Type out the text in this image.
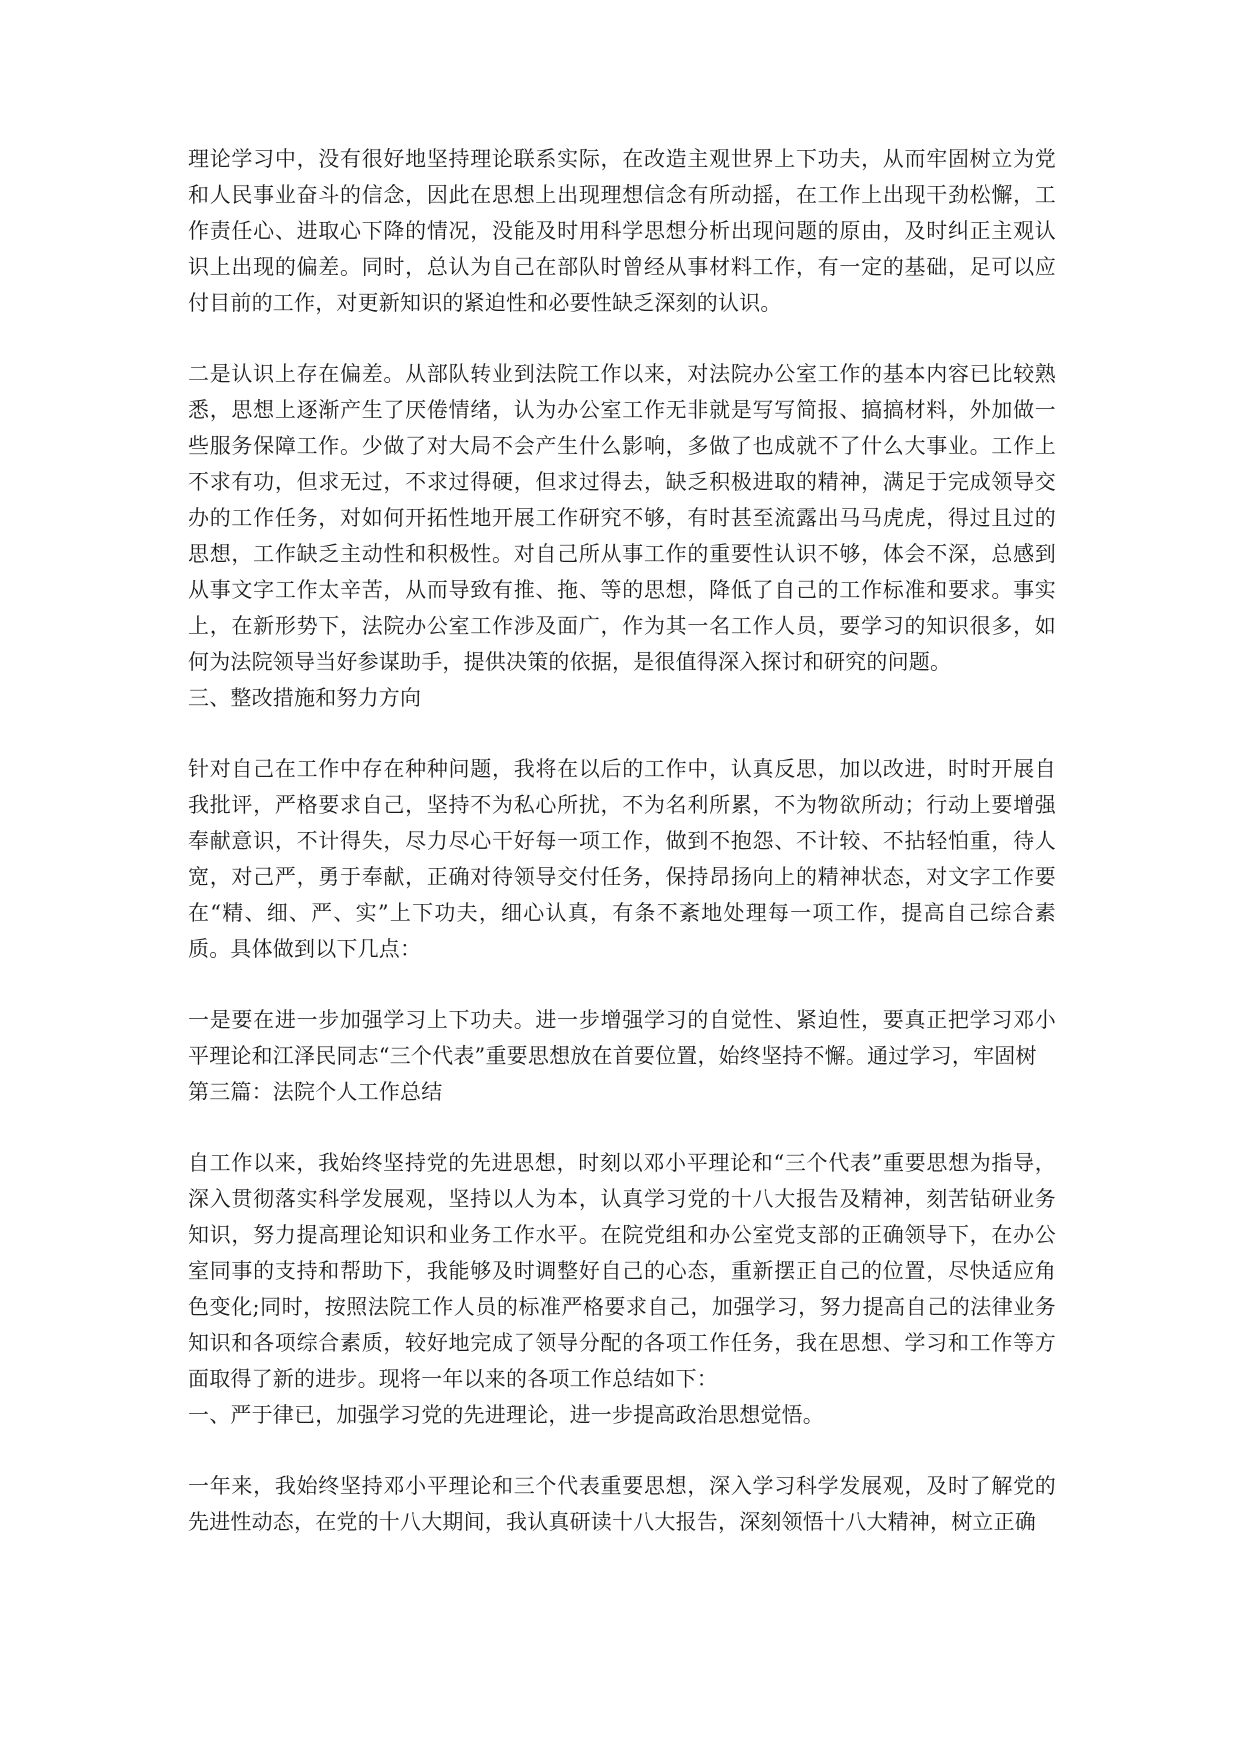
理论学习中，没有很好地坚持理论联系实际，在改造主观世界上下功夫，从而牢固树立为党和人民事业奋斗的信念，因此在思想上出现理想信念有所动摇，在工作上出现干劲松懈，工作责任心、进取心下降的情况，没能及时用科学思想分析出现问题的原由，及时纠正主观认识上出现的偏差。同时，总认为自己在部队时曾经从事材料工作，有一定的基础，足可以应付目前的工作，对更新知识的紧迫性和必要性缺乏深刻的认识。

二是认识上存在偏差。从部队转业到法院工作以来，对法院办公室工作的基本内容已比较熟悉，思想上逐渐产生了厌倦情绪，认为办公室工作无非就是写写简报、搞搞材料，外加做一些服务保障工作。少做了对大局不会产生什么影响，多做了也成就不了什么大事业。工作上不求有功，但求无过，不求过得硬，但求过得去，缺乏积极进取的精神，满足于完成领导交办的工作任务，对如何开拓性地开展工作研究不够，有时甚至流露出马马虎虎，得过且过的思想，工作缺乏主动性和积极性。对自己所从事工作的重要性认识不够，体会不深，总感到从事文字工作太辛苦，从而导致有推、拖、等的思想，降低了自己的工作标准和要求。事实上，在新形势下，法院办公室工作涉及面广，作为其一名工作人员，要学习的知识很多，如何为法院领导当好参谋助手，提供决策的依据，是很值得深入探讨和研究的问题。

三、整改措施和努力方向

针对自己在工作中存在种种问题，我将在以后的工作中，认真反思，加以改进，时时开展自我批评，严格要求自己，坚持不为私心所扰，不为名利所累，不为物欲所动；行动上要增强奉献意识，不计得失，尽力尽心干好每一项工作，做到不抱怨、不计较、不拈轻怕重，待人宽，对己严，勇于奉献，正确对待领导交付任务，保持昂扬向上的精神状态，对文字工作要在“精、细、严、实”上下功夫，细心认真，有条不紊地处理每一项工作，提高自己综合素质。具体做到以下几点：

一是要在进一步加强学习上下功夫。进一步增强学习的自觉性、紧迫性，要真正把学习邓小平理论和江泽民同志“三个代表”重要思想放在首要位置，始终坚持不懈。通过学习，牢固树

第三篇：法院个人工作总结

自工作以来，我始终坚持党的先进思想，时刻以邓小平理论和“三个代表”重要思想为指导，深入贯彻落实科学发展观，坚持以人为本，认真学习党的十八大报告及精神，刻苦钻研业务知识，努力提高理论知识和业务工作水平。在院党组和办公室党支部的正确领导下，在办公室同事的支持和帮助下，我能够及时调整好自己的心态，重新摆正自己的位置，尽快适应角色变化;同时，按照法院工作人员的标准严格要求自己，加强学习，努力提高自己的法律业务知识和各项综合素质，较好地完成了领导分配的各项工作任务，我在思想、学习和工作等方面取得了新的进步。现将一年以来的各项工作总结如下：

一、严于律已，加强学习党的先进理论，进一步提高政治思想觉悟。

一年来，我始终坚持邓小平理论和三个代表重要思想，深入学习科学发展观，及时了解党的先进性动态，在党的十八大期间，我认真研读十八大报告，深刻领悟十八大精神，树立正确
